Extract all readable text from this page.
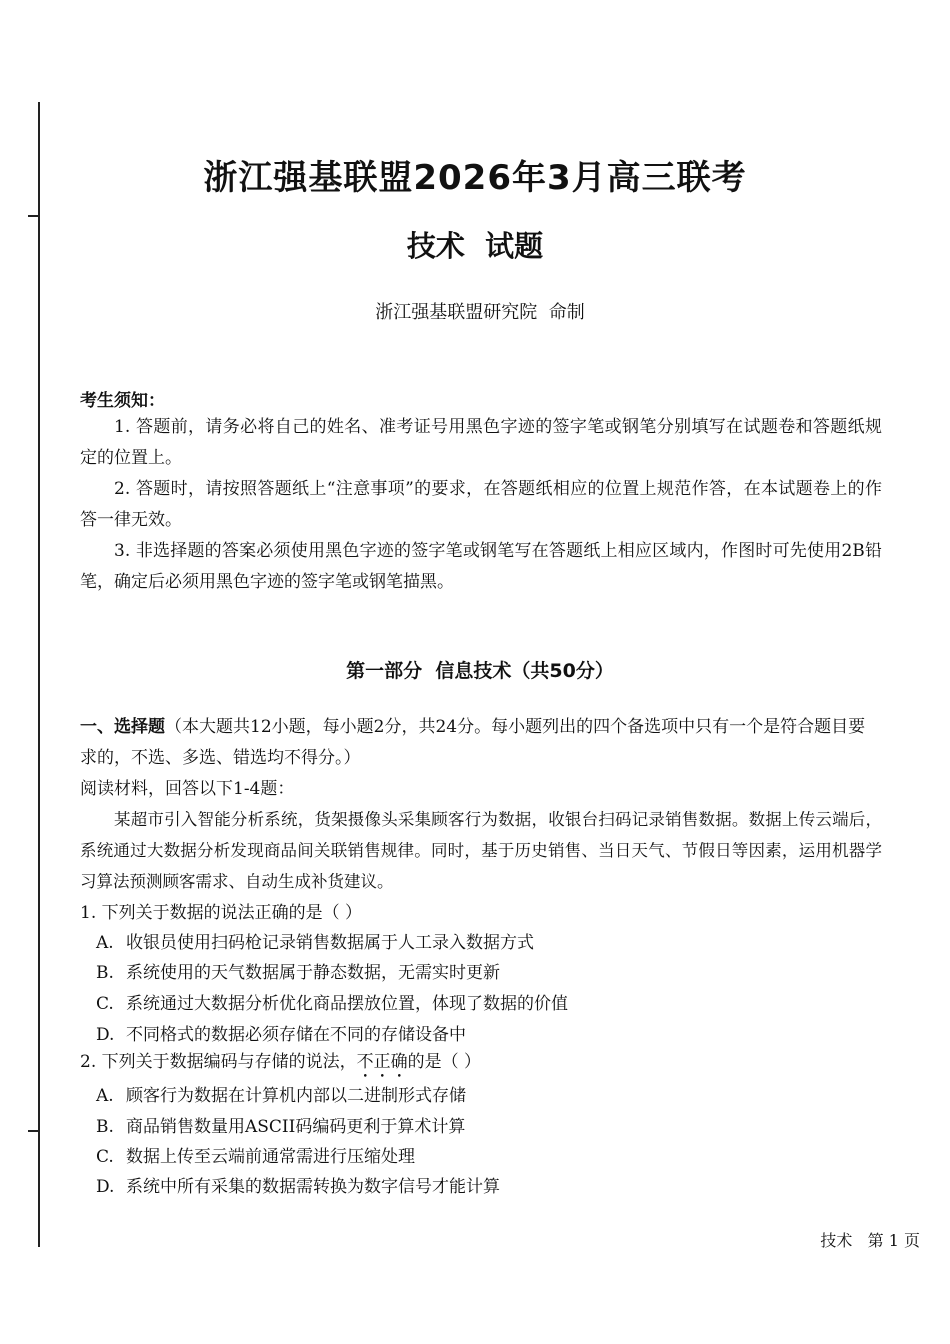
浙江强基联盟2026年3月高三联考
技术  试题
浙江强基联盟研究院  命制
考生须知：
1. 答题前，请务必将自己的姓名、准考证号用黑色字迹的签字笔或钢笔分别填写在试题卷和答题纸规定的位置上。
2. 答题时，请按照答题纸上“注意事项”的要求，在答题纸相应的位置上规范作答，在本试题卷上的作答一律无效。
3. 非选择题的答案必须使用黑色字迹的签字笔或钢笔写在答题纸上相应区域内，作图时可先使用2B铅笔，确定后必须用黑色字迹的签字笔或钢笔描黑。
第一部分  信息技术（共50分）
一、选择题（本大题共12小题，每小题2分，共24分。每小题列出的四个备选项中只有一个是符合题目要求的，不选、多选、错选均不得分。）
阅读材料，回答以下1-4题：
某超市引入智能分析系统，货架摄像头采集顾客行为数据，收银台扫码记录销售数据。数据上传云端后，系统通过大数据分析发现商品间关联销售规律。同时，基于历史销售、当日天气、节假日等因素，运用机器学习算法预测顾客需求、自动生成补货建议。
1. 下列关于数据的说法正确的是（ ）
A. 收银员使用扫码枪记录销售数据属于人工录入数据方式
B. 系统使用的天气数据属于静态数据，无需实时更新
C. 系统通过大数据分析优化商品摆放位置，体现了数据的价值
D. 不同格式的数据必须存储在不同的存储设备中
2. 下列关于数据编码与存储的说法，不正确的是（ ）
A. 顾客行为数据在计算机内部以二进制形式存储
B. 商品销售数量用ASCII码编码更利于算术计算
C. 数据上传至云端前通常需进行压缩处理
D. 系统中所有采集的数据需转换为数字信号才能计算
技术 第 1 页
